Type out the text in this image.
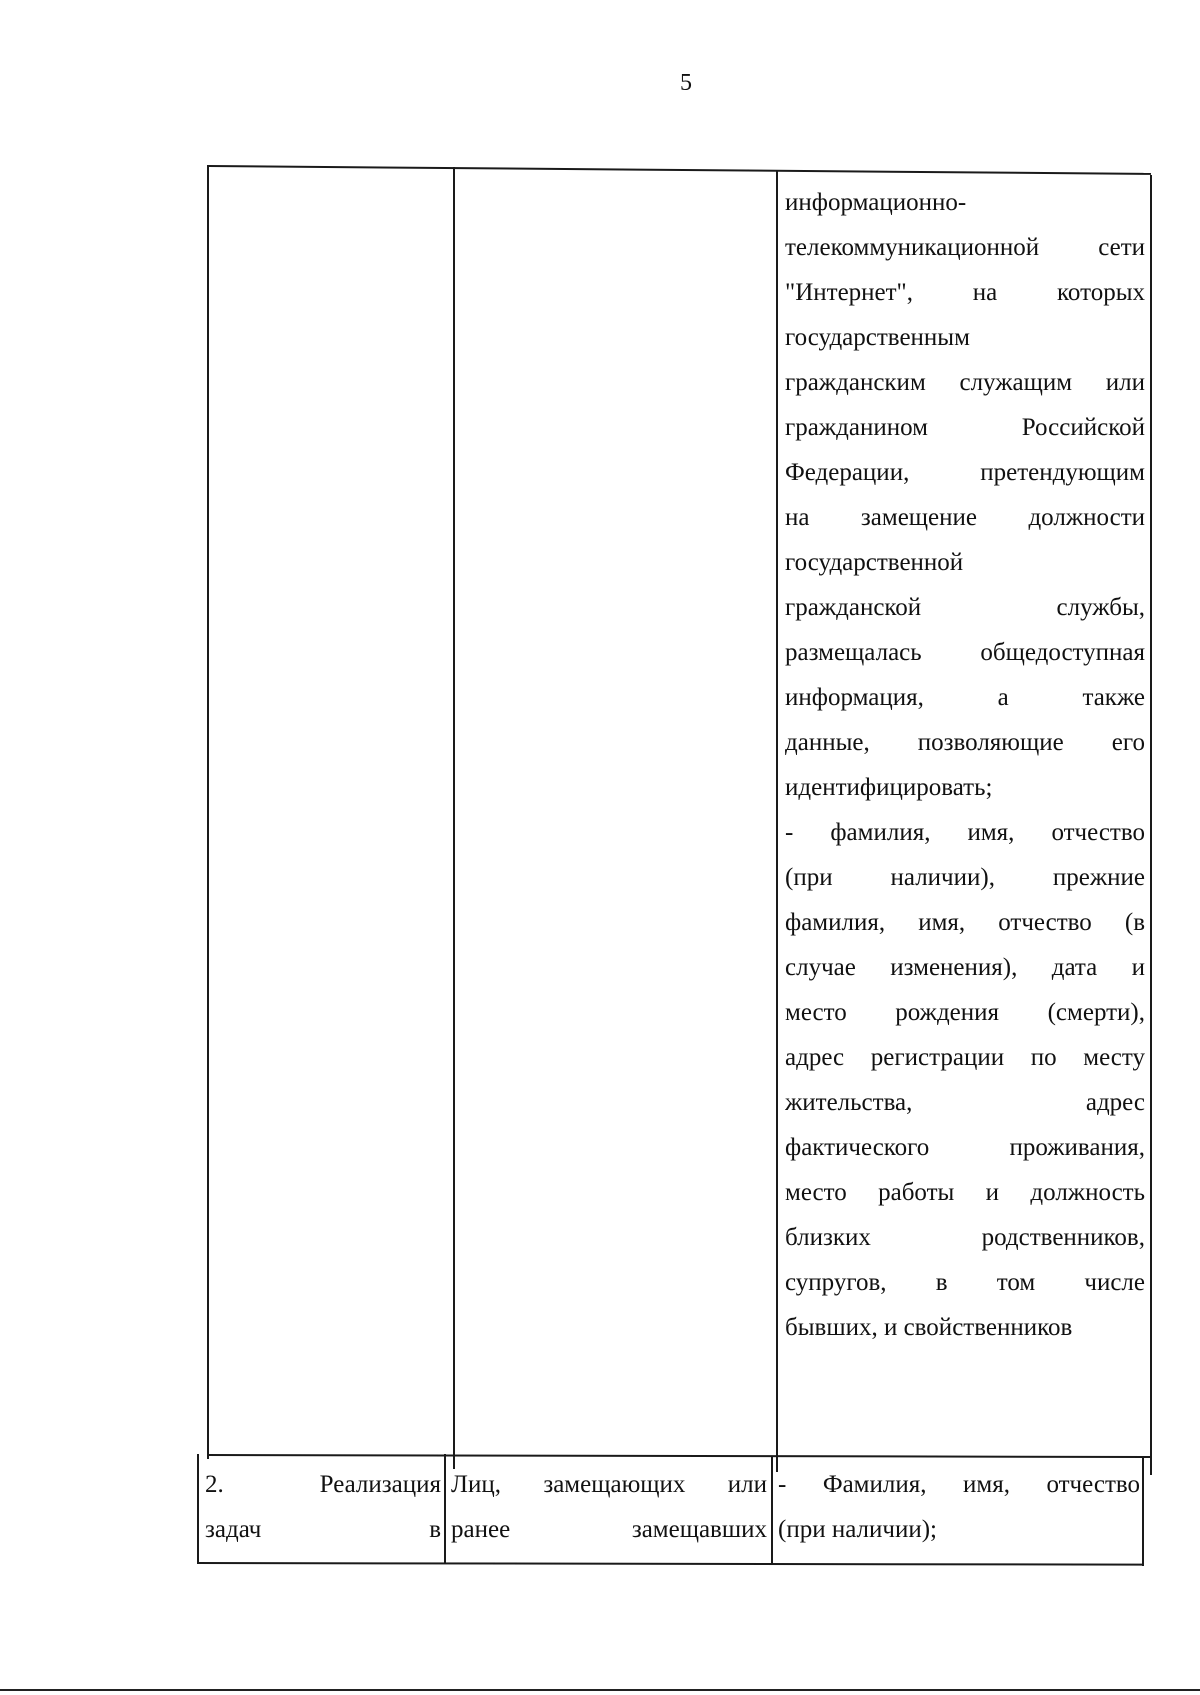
5
информационно-
телекоммуникационной сети
"Интернет", на которых
государственным
гражданским служащим или
гражданином Российской
Федерации, претендующим
на замещение должности
государственной
гражданской службы,
размещалась общедоступная
информация, а также
данные, позволяющие его
идентифицировать;
- фамилия, имя, отчество
(при наличии), прежние
фамилия, имя, отчество (в
случае изменения), дата и
место рождения (смерти),
адрес регистрации по месту
жительства, адрес
фактического проживания,
место работы и должность
близких родственников,
супругов, в том числе
бывших, и свойственников
2. Реализация
задач в
Лиц, замещающих или
ранее замещавших
- Фамилия, имя, отчество
(при наличии);
